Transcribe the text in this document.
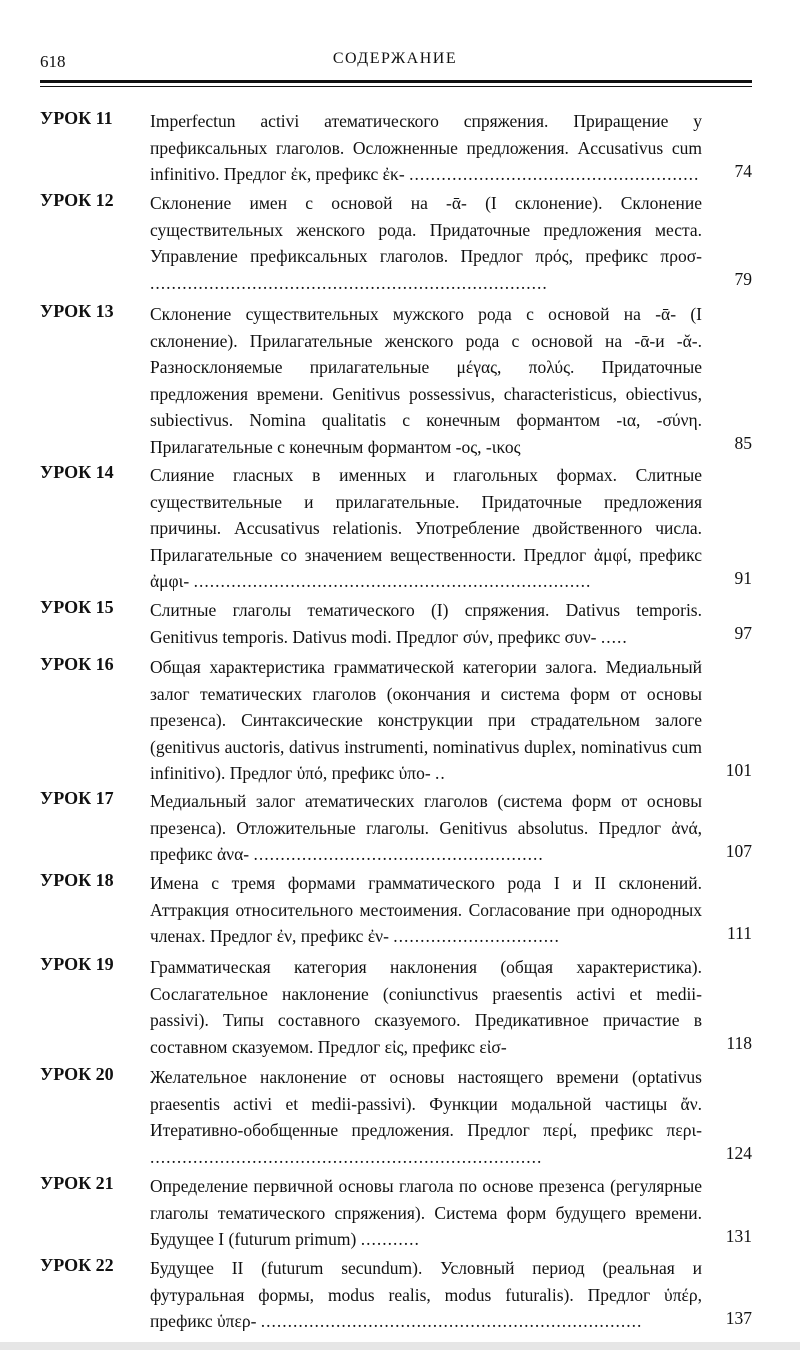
618	СОДЕРЖАНИЕ
УРОК 11 Imperfectun activi атематического спряжения. Приращение у префиксальных глаголов. Осложненные предложения. Accusativus cum infinitivo. Предлог ἐκ, префикс ἐκ- ...................................................... 74
УРОК 12 Склонение имен с основой на -ᾱ- (I склонение). Склонение существительных женского рода. Придаточные предложения места. Управление префиксальных глаголов. Предлог πρός, префикс προσ- ..........................................................................	79
УРОК 13 Склонение существительных мужского рода с основой на -ᾱ- (I склонение). Прилагательные женского рода с основой на -ᾱ-и -ᾰ-. Разносклоняемые прилагательные μέγας, πολύς. Придаточные предложения времени. Genitivus possessivus, characteristicus, obiectivus, subiectivus. Nomina qualitatis с конечным формантом -ια, -σύνη. Прилагательные с конечным формантом -ος, -ικος	85
УРОК 14 Слияние гласных в именных и глагольных формах. Слитные существительные и прилагательные. Придаточные предложения причины. Accusativus relationis. Употребление двойственного числа. Прилагательные со значением вещественности. Предлог ἀμφί, префикс ἀμφι- ..........................................................................	91
УРОК 15 Слитные глаголы тематического (I) спряжения. Dativus temporis. Genitivus temporis. Dativus modi. Предлог σύν, префикс συν- .....	97
УРОК 16 Общая характеристика грамматической категории залога. Медиальный залог тематических глаголов (окончания и система форм от основы презенса). Синтаксические конструкции при страдательном залоге (genitivus auctoris, dativus instrumenti, nominativus duplex, nominativus cum infinitivo). Предлог ὑπό, префикс ὑπο- ..	101
УРОК 17 Медиальный залог атематических глаголов (система форм от основы презенса). Отложительные глаголы. Genitivus absolutus. Предлог ἀνά, префикс ἀνα- ......................................................	107
УРОК 18 Имена с тремя формами грамматического рода I и II склонений. Аттракция относительного местоимения. Согласование при однородных членах. Предлог ἐν, префикс ἐν- ...............................	111
УРОК 19 Грамматическая категория наклонения (общая характеристика). Сослагательное наклонение (coniunctivus praesentis activi et medii-passivi). Типы составного сказуемого. Предикативное причастие в составном сказуемом. Предлог εἰς, префикс εἰσ-	118
УРОК 20 Желательное наклонение от основы настоящего времени (optativus praesentis activi et medii-passivi). Функции модальной частицы ἄν. Итеративно-обобщенные предложения. Предлог περί, префикс περι- .........................................................................	124
УРОК 21 Определение первичной основы глагола по основе презенса (регулярные глаголы тематического спряжения). Система форм будущего времени. Будущее I (futurum primum) ...........	131
УРОК 22 Будущее II (futurum secundum). Условный период (реальная и футуральная формы, modus realis, modus futuralis). Предлог ὑπέρ, префикс ὑπερ- .......................................................................	137
